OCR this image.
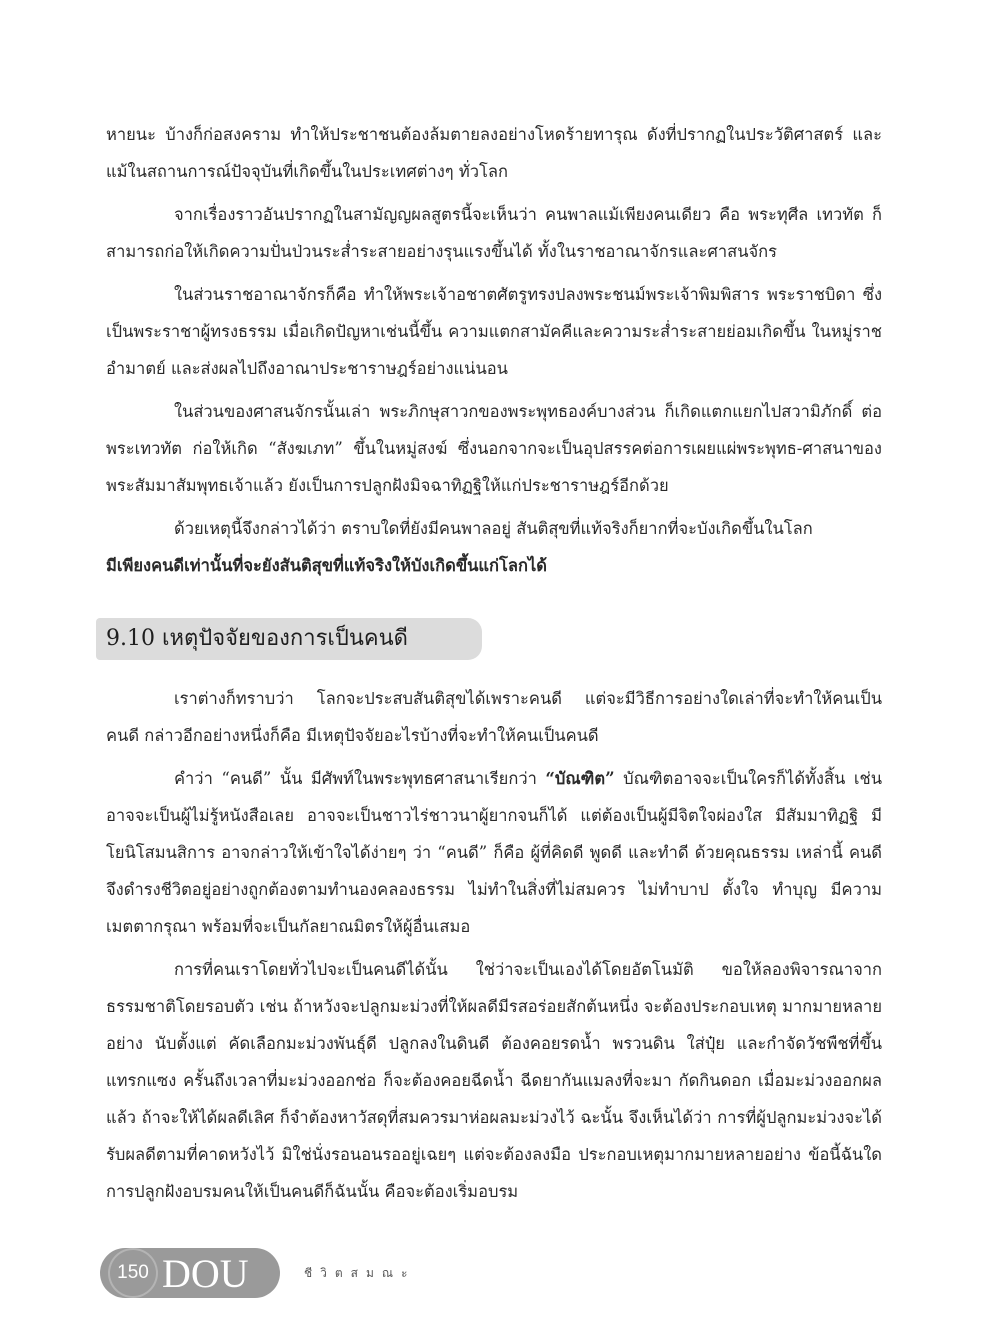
หายนะ บ้างก็ก่อสงคราม ทำให้ประชาชนต้องล้มตายลงอย่างโหดร้ายทารุณ ดังที่ปรากฏในประวัติศาสตร์ และแม้ในสถานการณ์ปัจจุบันที่เกิดขึ้นในประเทศต่างๆ ทั่วโลก

จากเรื่องราวอันปรากฏในสามัญญผลสูตรนี้จะเห็นว่า คนพาลแม้เพียงคนเดียว คือ พระทุศีล เทวทัต ก็สามารถก่อให้เกิดความปั่นป่วนระส่ำระสายอย่างรุนแรงขึ้นได้ ทั้งในราชอาณาจักรและศาสนจักร

ในส่วนราชอาณาจักรก็คือ ทำให้พระเจ้าอชาตศัตรูทรงปลงพระชนม์พระเจ้าพิมพิสาร พระราชบิดา ซึ่งเป็นพระราชาผู้ทรงธรรม เมื่อเกิดปัญหาเช่นนี้ขึ้น ความแตกสามัคคีและความระส่ำระสายย่อมเกิดขึ้น ในหมู่ราชอำมาตย์ และส่งผลไปถึงอาณาประชาราษฎร์อย่างแน่นอน

ในส่วนของศาสนจักรนั้นเล่า พระภิกษุสาวกของพระพุทธองค์บางส่วน ก็เกิดแตกแยกไปสวามิภักดิ์ ต่อพระเทวทัต ก่อให้เกิด “สังฆเภท” ขึ้นในหมู่สงฆ์ ซึ่งนอกจากจะเป็นอุปสรรคต่อการเผยแผ่พระพุทธ-ศาสนาของพระสัมมาสัมพุทธเจ้าแล้ว ยังเป็นการปลูกฝังมิจฉาทิฏฐิให้แก่ประชาราษฎร์อีกด้วย

ด้วยเหตุนี้จึงกล่าวได้ว่า ตราบใดที่ยังมีคนพาลอยู่ สันติสุขที่แท้จริงก็ยากที่จะบังเกิดขึ้นในโลก

มีเพียงคนดีเท่านั้นที่จะยังสันติสุขที่แท้จริงให้บังเกิดขึ้นแก่โลกได้

9.10 เหตุปัจจัยของการเป็นคนดี

เราต่างก็ทราบว่า โลกจะประสบสันติสุขได้เพราะคนดี แต่จะมีวิธีการอย่างใดเล่าที่จะทำให้คนเป็น คนดี กล่าวอีกอย่างหนึ่งก็คือ มีเหตุปัจจัยอะไรบ้างที่จะทำให้คนเป็นคนดี

คำว่า “คนดี” นั้น มีศัพท์ในพระพุทธศาสนาเรียกว่า “บัณฑิต” บัณฑิตอาจจะเป็นใครก็ได้ทั้งสิ้น เช่น อาจจะเป็นผู้ไม่รู้หนังสือเลย อาจจะเป็นชาวไร่ชาวนาผู้ยากจนก็ได้ แต่ต้องเป็นผู้มีจิตใจผ่องใส มีสัมมาทิฏฐิ มีโยนิโสมนสิการ อาจกล่าวให้เข้าใจได้ง่ายๆ ว่า “คนดี” ก็คือ ผู้ที่คิดดี พูดดี และทำดี ด้วยคุณธรรม เหล่านี้ คนดีจึงดำรงชีวิตอยู่อย่างถูกต้องตามทำนองคลองธรรม ไม่ทำในสิ่งที่ไม่สมควร ไม่ทำบาป ตั้งใจ ทำบุญ มีความเมตตากรุณา พร้อมที่จะเป็นกัลยาณมิตรให้ผู้อื่นเสมอ

การที่คนเราโดยทั่วไปจะเป็นคนดีได้นั้น ใช่ว่าจะเป็นเองได้โดยอัตโนมัติ ขอให้ลองพิจารณาจาก ธรรมชาติโดยรอบตัว เช่น ถ้าหวังจะปลูกมะม่วงที่ให้ผลดีมีรสอร่อยสักต้นหนึ่ง จะต้องประกอบเหตุ มากมายหลายอย่าง นับตั้งแต่ คัดเลือกมะม่วงพันธุ์ดี ปลูกลงในดินดี ต้องคอยรดน้ำ พรวนดิน ใส่ปุ๋ย และกำจัดวัชพืชที่ขึ้นแทรกแซง ครั้นถึงเวลาที่มะม่วงออกช่อ ก็จะต้องคอยฉีดน้ำ ฉีดยากันแมลงที่จะมา กัดกินดอก เมื่อมะม่วงออกผลแล้ว ถ้าจะให้ได้ผลดีเลิศ ก็จำต้องหาวัสดุที่สมควรมาห่อผลมะม่วงไว้ ฉะนั้น จึงเห็นได้ว่า การที่ผู้ปลูกมะม่วงจะได้รับผลดีตามที่คาดหวังไว้ มิใช่นั่งรอนอนรออยู่เฉยๆ แต่จะต้องลงมือ ประกอบเหตุมากมายหลายอย่าง ข้อนี้ฉันใด การปลูกฝังอบรมคนให้เป็นคนดีก็ฉันนั้น คือจะต้องเริ่มอบรม

150 DOU	ชีวิตสมณะ
